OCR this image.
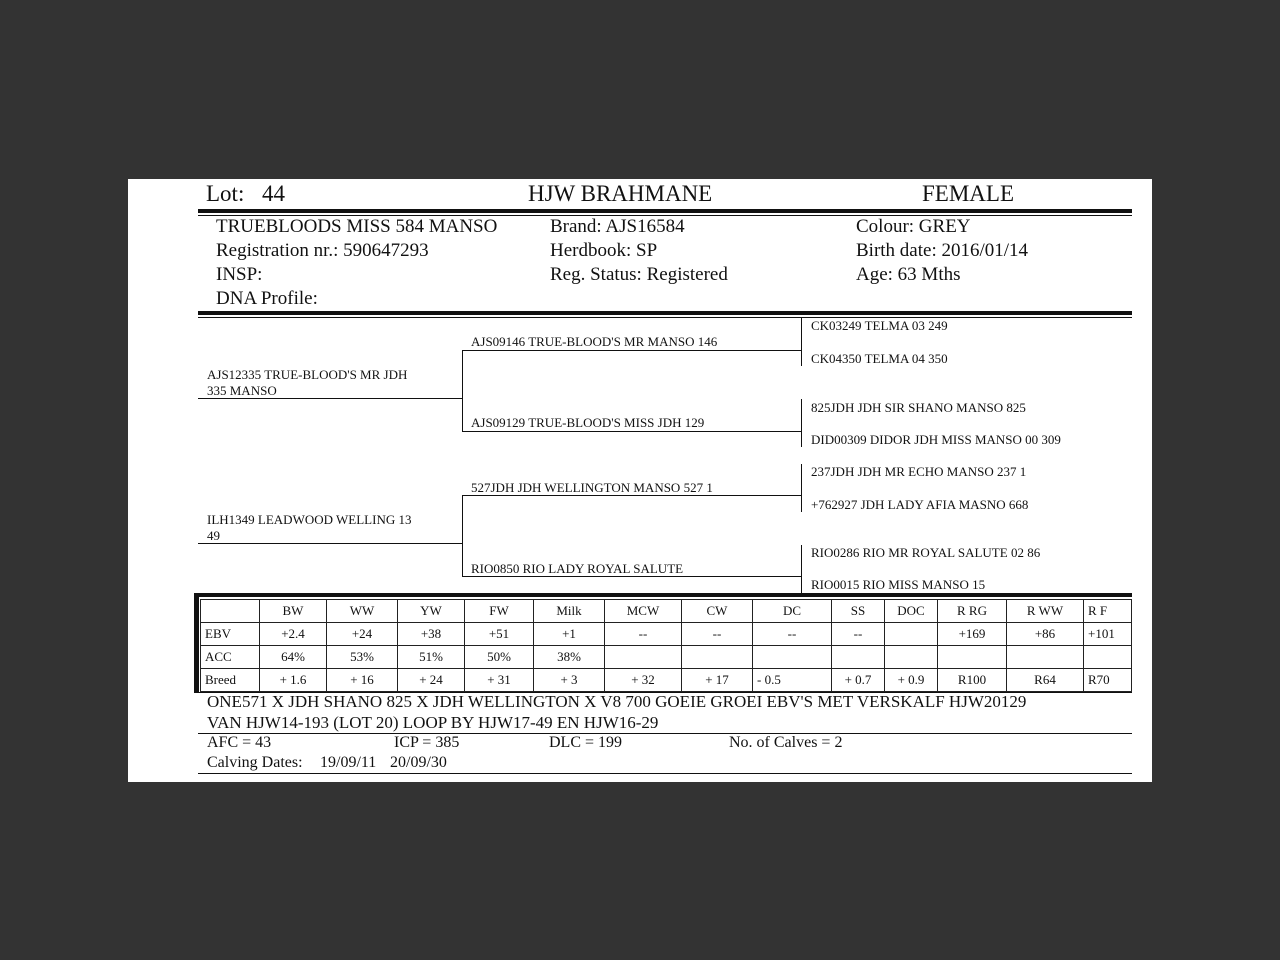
Lot: 44	HJW BRAHMANE	FEMALE
TRUEBLOODS MISS 584 MANSO
Registration nr.: 590647293
INSP:
DNA Profile:
Brand: AJS16584
Herdbook: SP
Reg. Status: Registered
Colour: GREY
Birth date: 2016/01/14
Age: 63 Mths
AJS12335 TRUE-BLOOD'S MR JDH
335 MANSO
ILH1349 LEADWOOD WELLING 13
49
AJS09146 TRUE-BLOOD'S MR MANSO 146
AJS09129 TRUE-BLOOD'S MISS JDH 129
527JDH JDH WELLINGTON MANSO 527 1
RIO0850 RIO LADY ROYAL SALUTE
CK03249 TELMA 03 249
CK04350 TELMA 04 350
825JDH JDH SIR SHANO MANSO 825
DID00309 DIDOR JDH MISS MANSO 00 309
237JDH JDH MR ECHO MANSO 237 1
+762927 JDH LADY AFIA MASNO 668
RIO0286 RIO MR ROYAL SALUTE 02 86
RIO0015 RIO MISS MANSO 15
	BW	WW	YW	FW	Milk	MCW	CW	DC	SS	DOC	R RG	R WW	R F
EBV	+2.4	+24	+38	+51	+1	--	--	--	--		+169	+86	+101
ACC	64%	53%	51%	50%	38%								
Breed	+ 1.6	+ 16	+ 24	+ 31	+ 3	+ 32	+ 17	- 0.5	+ 0.7	+ 0.9	R100	R64	R70
ONE571 X JDH SHANO 825 X JDH WELLINGTON X V8 700 GOEIE GROEI EBV'S MET VERSKALF HJW20129
VAN HJW14-193 (LOT 20) LOOP BY HJW17-49 EN HJW16-29
AFC = 43	ICP = 385	DLC = 199	No. of Calves = 2
Calving Dates: 19/09/11 20/09/30
